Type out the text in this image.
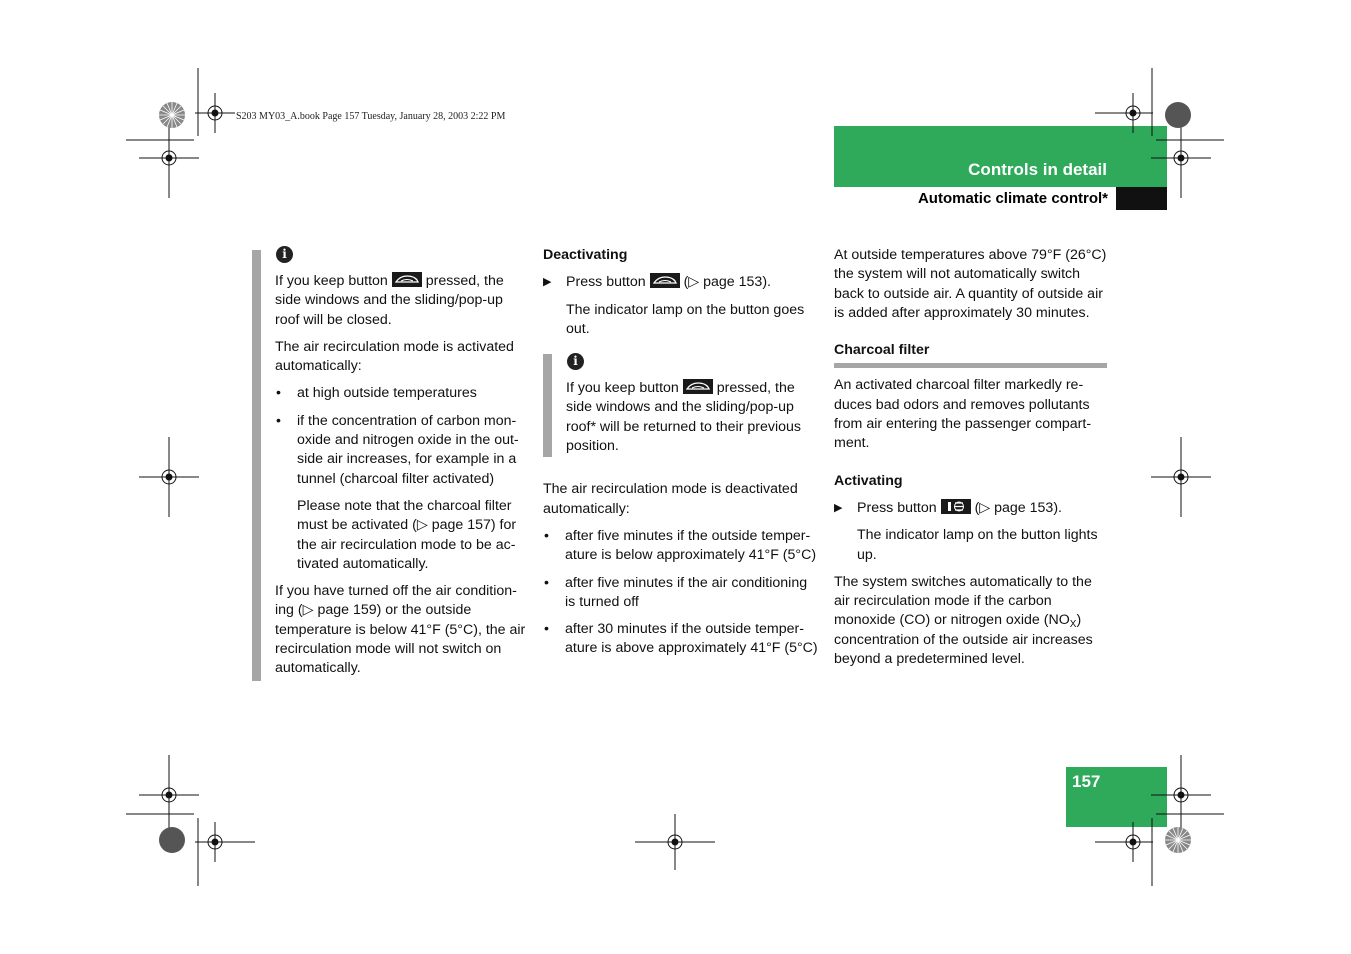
S203 MY03_A.book Page 157 Tuesday, January 28, 2003 2:22 PM
Controls in detail
Automatic climate control*
157
i

If you keep button	pressed, the side windows and the sliding/pop-up roof will be closed.

The air recirculation mode is activated automatically:

• at high outside temperatures
• if the concentration of carbon mon-oxide and nitrogen oxide in the out-side air increases, for example in a tunnel (charcoal filter activated)

Please note that the charcoal filter must be activated (▷ page 157) for the air recirculation mode to be ac-tivated automatically.

If you have turned off the air condition-ing (▷ page 159) or the outside temperature is below 41°F (5°C), the air recirculation mode will not switch on automatically.

Deactivating

▶ Press button	(▷ page 153).

The indicator lamp on the button goes out.

i

If you keep button	pressed, the side windows and the sliding/pop-up roof* will be returned to their previous position.

The air recirculation mode is deactivated automatically:

• after five minutes if the outside temper-ature is below approximately 41°F (5°C)
• after five minutes if the air conditioning is turned off
• after 30 minutes if the outside temper-ature is above approximately 41°F (5°C)

At outside temperatures above 79°F (26°C) the system will not automatically switch back to outside air. A quantity of outside air is added after approximately 30 minutes.

Charcoal filter

An activated charcoal filter markedly re-duces bad odors and removes pollutants from air entering the passenger compart-ment.

Activating

▶ Press button	(▷ page 153).

The indicator lamp on the button lights up.

The system switches automatically to the air recirculation mode if the carbon monoxide (CO) or nitrogen oxide $(NO_X)$ concentration of the outside air increases beyond a predetermined level.
